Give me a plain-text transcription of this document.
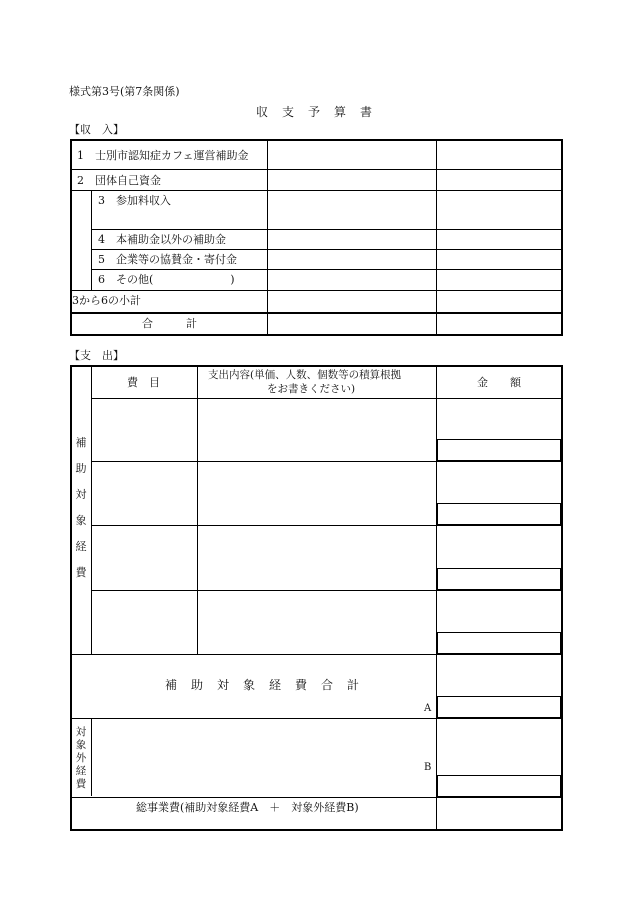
様式第3号(第7条関係)
収　支　予　算　書
【収　入】
1　士別市認知症カフェ運営補助金
2　団体自己資金
3　参加料収入
4　本補助金以外の補助金
5　企業等の協賛金・寄付金
6　その他(　　　　　　　)
3から6の小計
合　　　計
【支　出】
費　目
支出内容(単価、人数、個数等の積算根拠
をお書きください)	金　　額
補
助
対
象
経
費
補　助　対　象　経　費　合　計
A
対
象
外
経
費
B
総事業費(補助対象経費A　＋　対象外経費B)
